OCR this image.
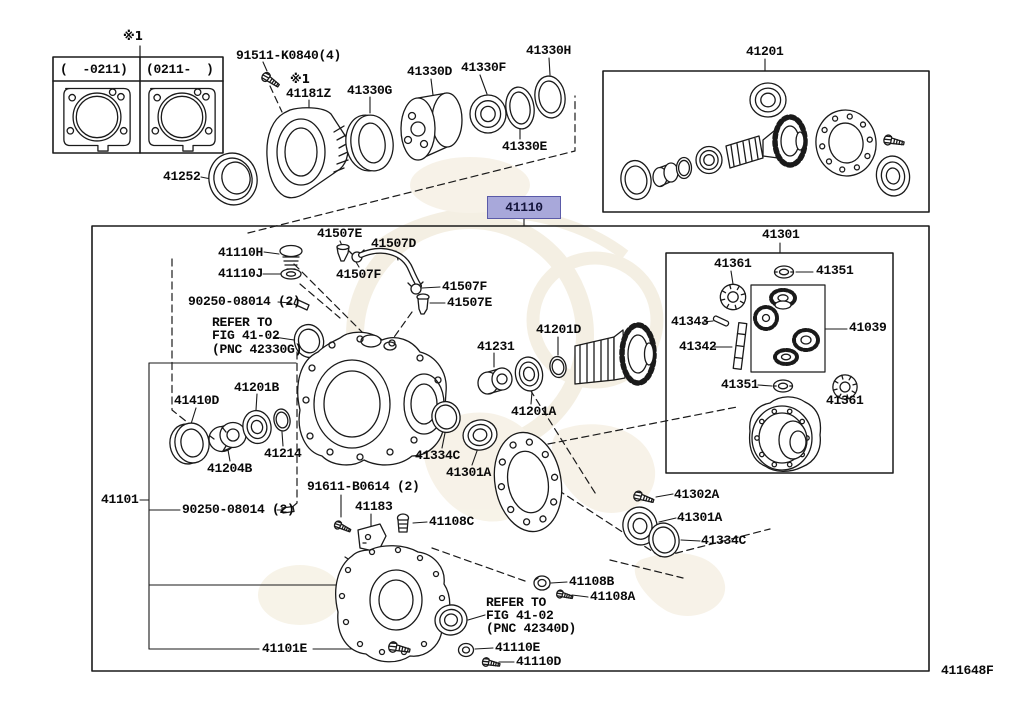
※1
(  -0211) (0211-  )
91511-K0840(4)
※1
41181Z
41252
41330G
41330D 41330F
41330H
41330E
41201
41110
41507E
41507D
41507F
41507F
41507E
41110H
41110J
90250-08014 (2)
REFER TO
FIG 41-02
(PNC 42330G)
41410D
41201B
41204B
41214
41101
90250-08014 (2)
91611-B0614 (2)
41183
41108C
41231
41201D
41201A
41334C
41301A
41302A
41301A
41334C
41108B
41108A
REFER TO
FIG 41-02
(PNC 42340D)
41110E
41110D
41101E
41301
41361	41351
41343
41342
41039
41351
41361
411648F
